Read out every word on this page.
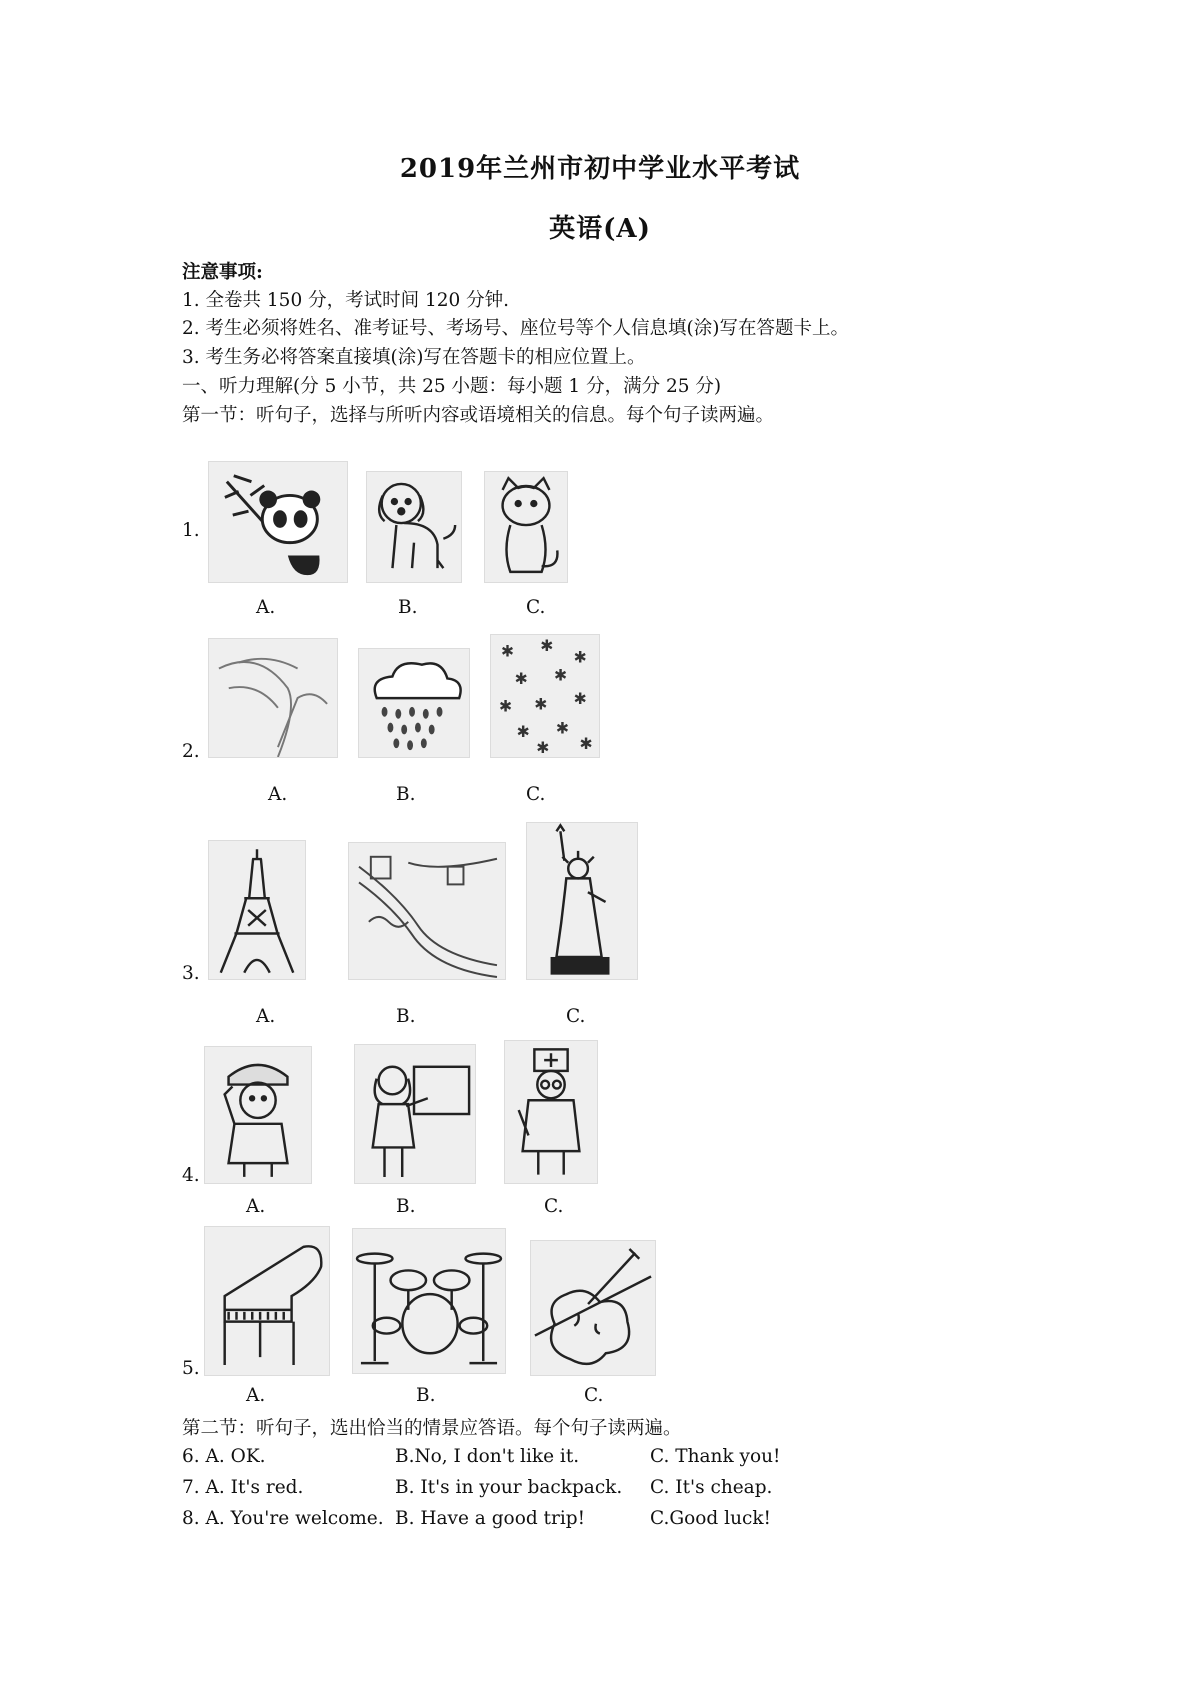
2019年兰州市初中学业水平考试
英语(A)
注意事项:
1. 全卷共 150 分，考试时间 120 分钟.
2. 考生必须将姓名、准考证号、考场号、座位号等个人信息填(涂)写在答题卡上。
3. 考生务必将答案直接填(涂)写在答题卡的相应位置上。
一、听力理解(分 5 小节，共 25 小题：每小题 1 分，满分 25 分)
第一节：听句子，选择与所听内容或语境相关的信息。每个句子读两遍。
1.
A.	B.	C.
2.
✱ ✱
✱
✱ ✱
✱ ✱ ✱
✱ ✱
✱
✱
A.	B.	C.
3.
A.	B.	C.
4.
A.	B.	C.
5.
A.	B.	C.
第二节：听句子，选出恰当的情景应答语。每个句子读两遍。
6. A. OK.	B.No, I don't like it.	C. Thank you!
7. A. It's red.	B. It's in your backpack. C. It's cheap.
8. A. You're welcome. B. Have a good trip!	C.Good luck!
